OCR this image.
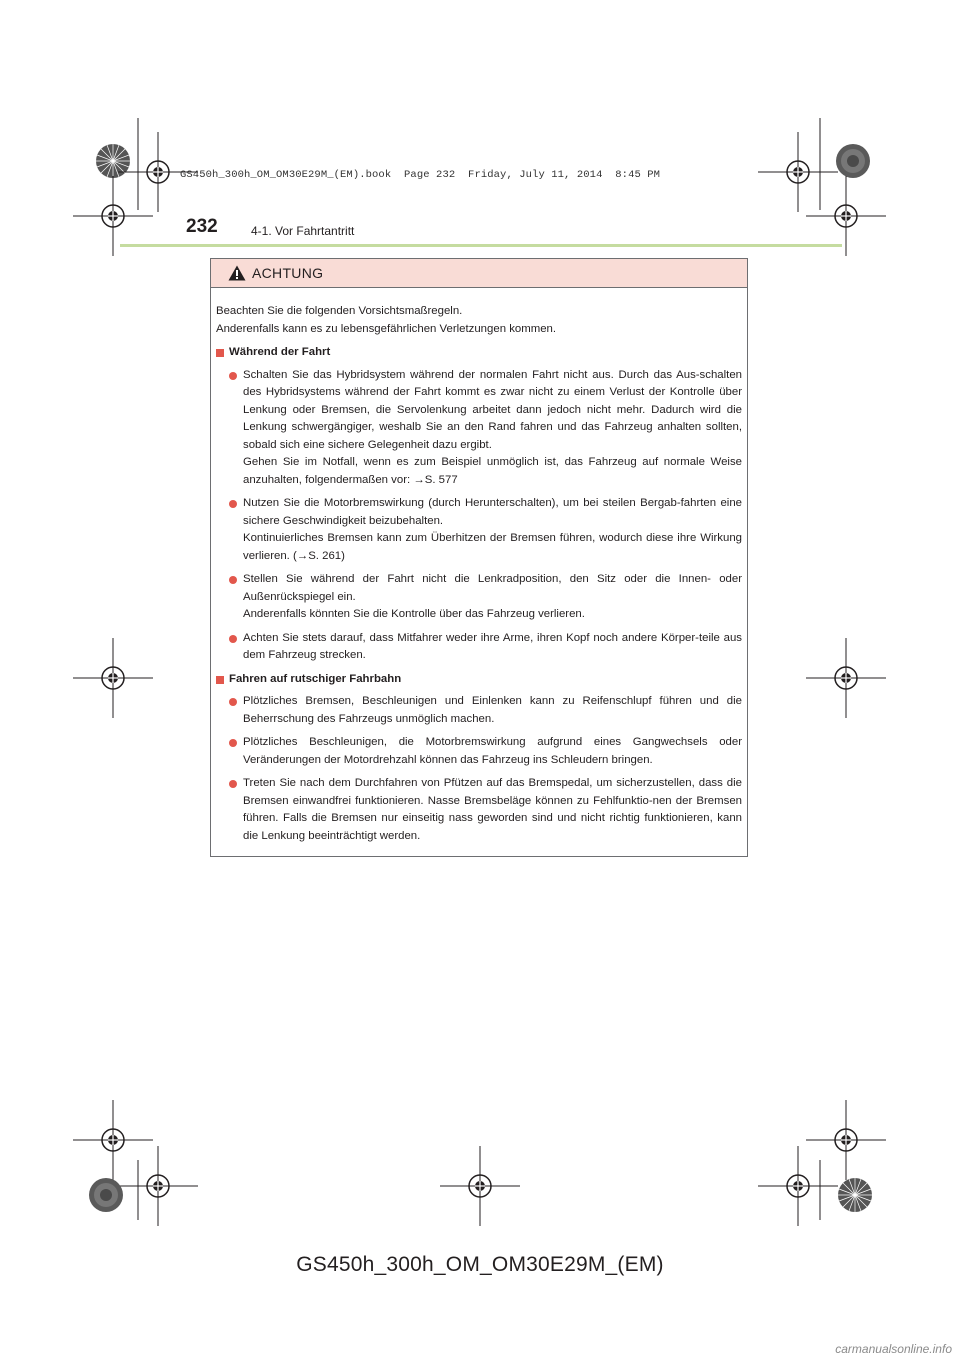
GS450h_300h_OM_OM30E29M_(EM).book  Page 232  Friday, July 11, 2014  8:45 PM
232	4-1. Vor Fahrtantritt
ACHTUNG

Beachten Sie die folgenden Vorsichtsmaßregeln.

Anderenfalls kann es zu lebensgefährlichen Verletzungen kommen.

Während der Fahrt

Schalten Sie das Hybridsystem während der normalen Fahrt nicht aus. Durch das Aus-schalten des Hybridsystems während der Fahrt kommt es zwar nicht zu einem Verlust der Kontrolle über Lenkung oder Bremsen, die Servolenkung arbeitet dann jedoch nicht mehr. Dadurch wird die Lenkung schwergängiger, weshalb Sie an den Rand fahren und das Fahrzeug anhalten sollten, sobald sich eine sichere Gelegenheit dazu ergibt.

Gehen Sie im Notfall, wenn es zum Beispiel unmöglich ist, das Fahrzeug auf normale Weise anzuhalten, folgendermaßen vor: →S. 577

Nutzen Sie die Motorbremswirkung (durch Herunterschalten), um bei steilen Bergab-fahrten eine sichere Geschwindigkeit beizubehalten.

Kontinuierliches Bremsen kann zum Überhitzen der Bremsen führen, wodurch diese ihre Wirkung verlieren. (→S. 261)

Stellen Sie während der Fahrt nicht die Lenkradposition, den Sitz oder die Innen- oder Außenrückspiegel ein.

Anderenfalls könnten Sie die Kontrolle über das Fahrzeug verlieren.

Achten Sie stets darauf, dass Mitfahrer weder ihre Arme, ihren Kopf noch andere Körper-teile aus dem Fahrzeug strecken.

Fahren auf rutschiger Fahrbahn

Plötzliches Bremsen, Beschleunigen und Einlenken kann zu Reifenschlupf führen und die Beherrschung des Fahrzeugs unmöglich machen.

Plötzliches Beschleunigen, die Motorbremswirkung aufgrund eines Gangwechsels oder Veränderungen der Motordrehzahl können das Fahrzeug ins Schleudern bringen.

Treten Sie nach dem Durchfahren von Pfützen auf das Bremspedal, um sicherzustellen, dass die Bremsen einwandfrei funktionieren. Nasse Bremsbeläge können zu Fehlfunktio-nen der Bremsen führen. Falls die Bremsen nur einseitig nass geworden sind und nicht richtig funktionieren, kann die Lenkung beeinträchtigt werden.

GS450h_300h_OM_OM30E29M_(EM)
carmanualsonline.info
